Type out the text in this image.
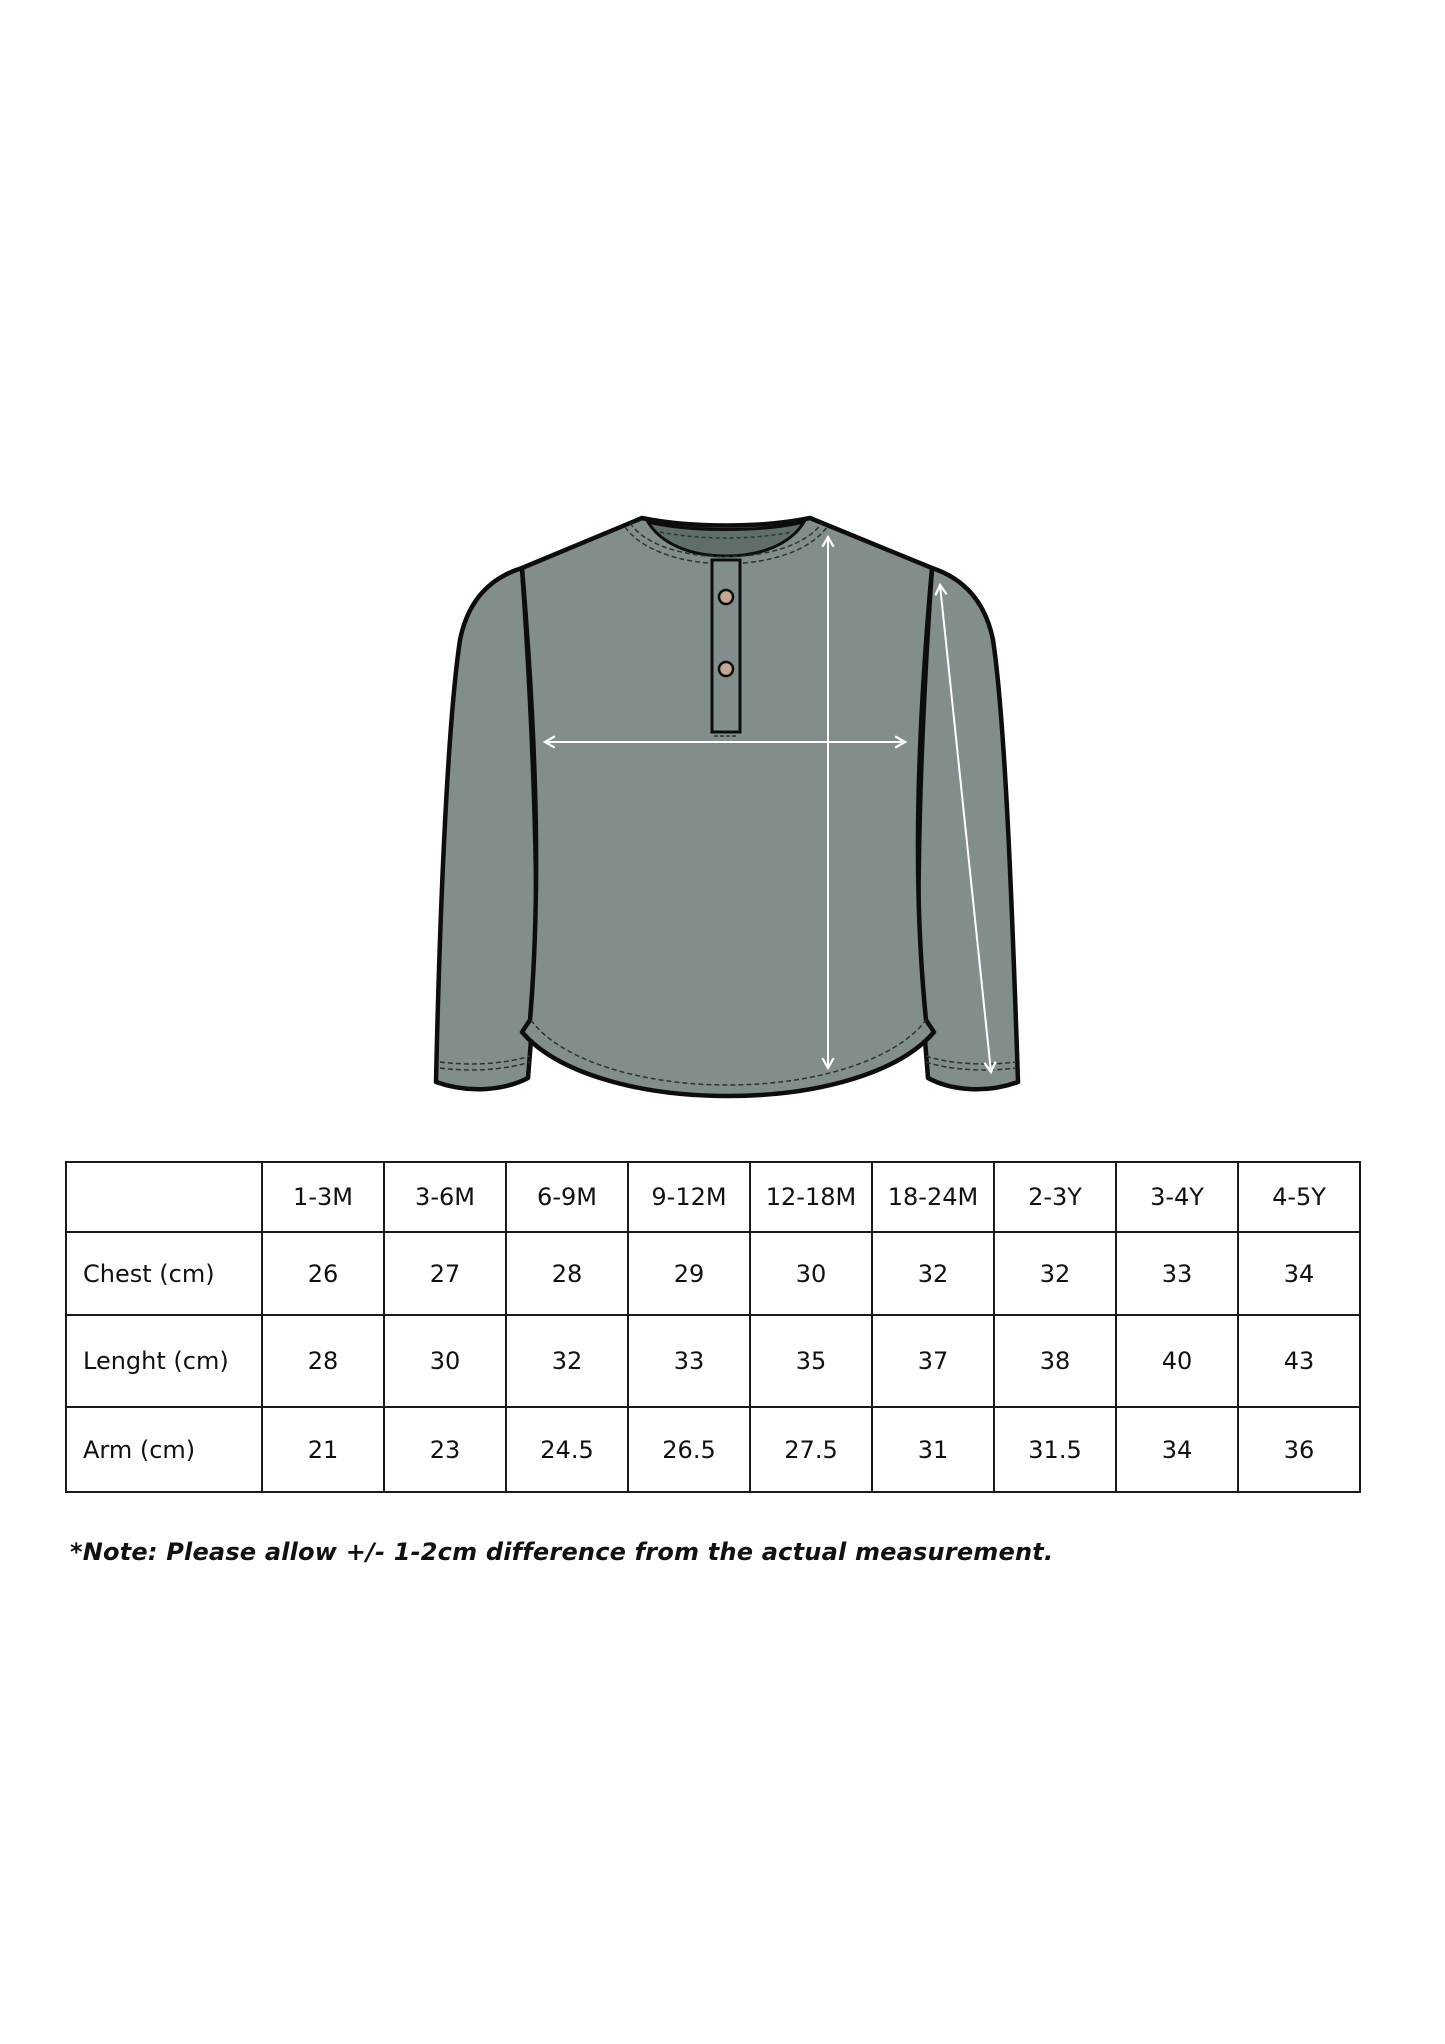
	1-3M	3-6M	6-9M	9-12M	12-18M	18-24M	2-3Y	3-4Y	4-5Y
Chest (cm)	26	27	28	29	30	32	32	33	34
Lenght (cm)	28	30	32	33	35	37	38	40	43
Arm (cm)	21	23	24.5	26.5	27.5	31	31.5	34	36
*Note: Please allow +/- 1-2cm difference from the actual measurement.
